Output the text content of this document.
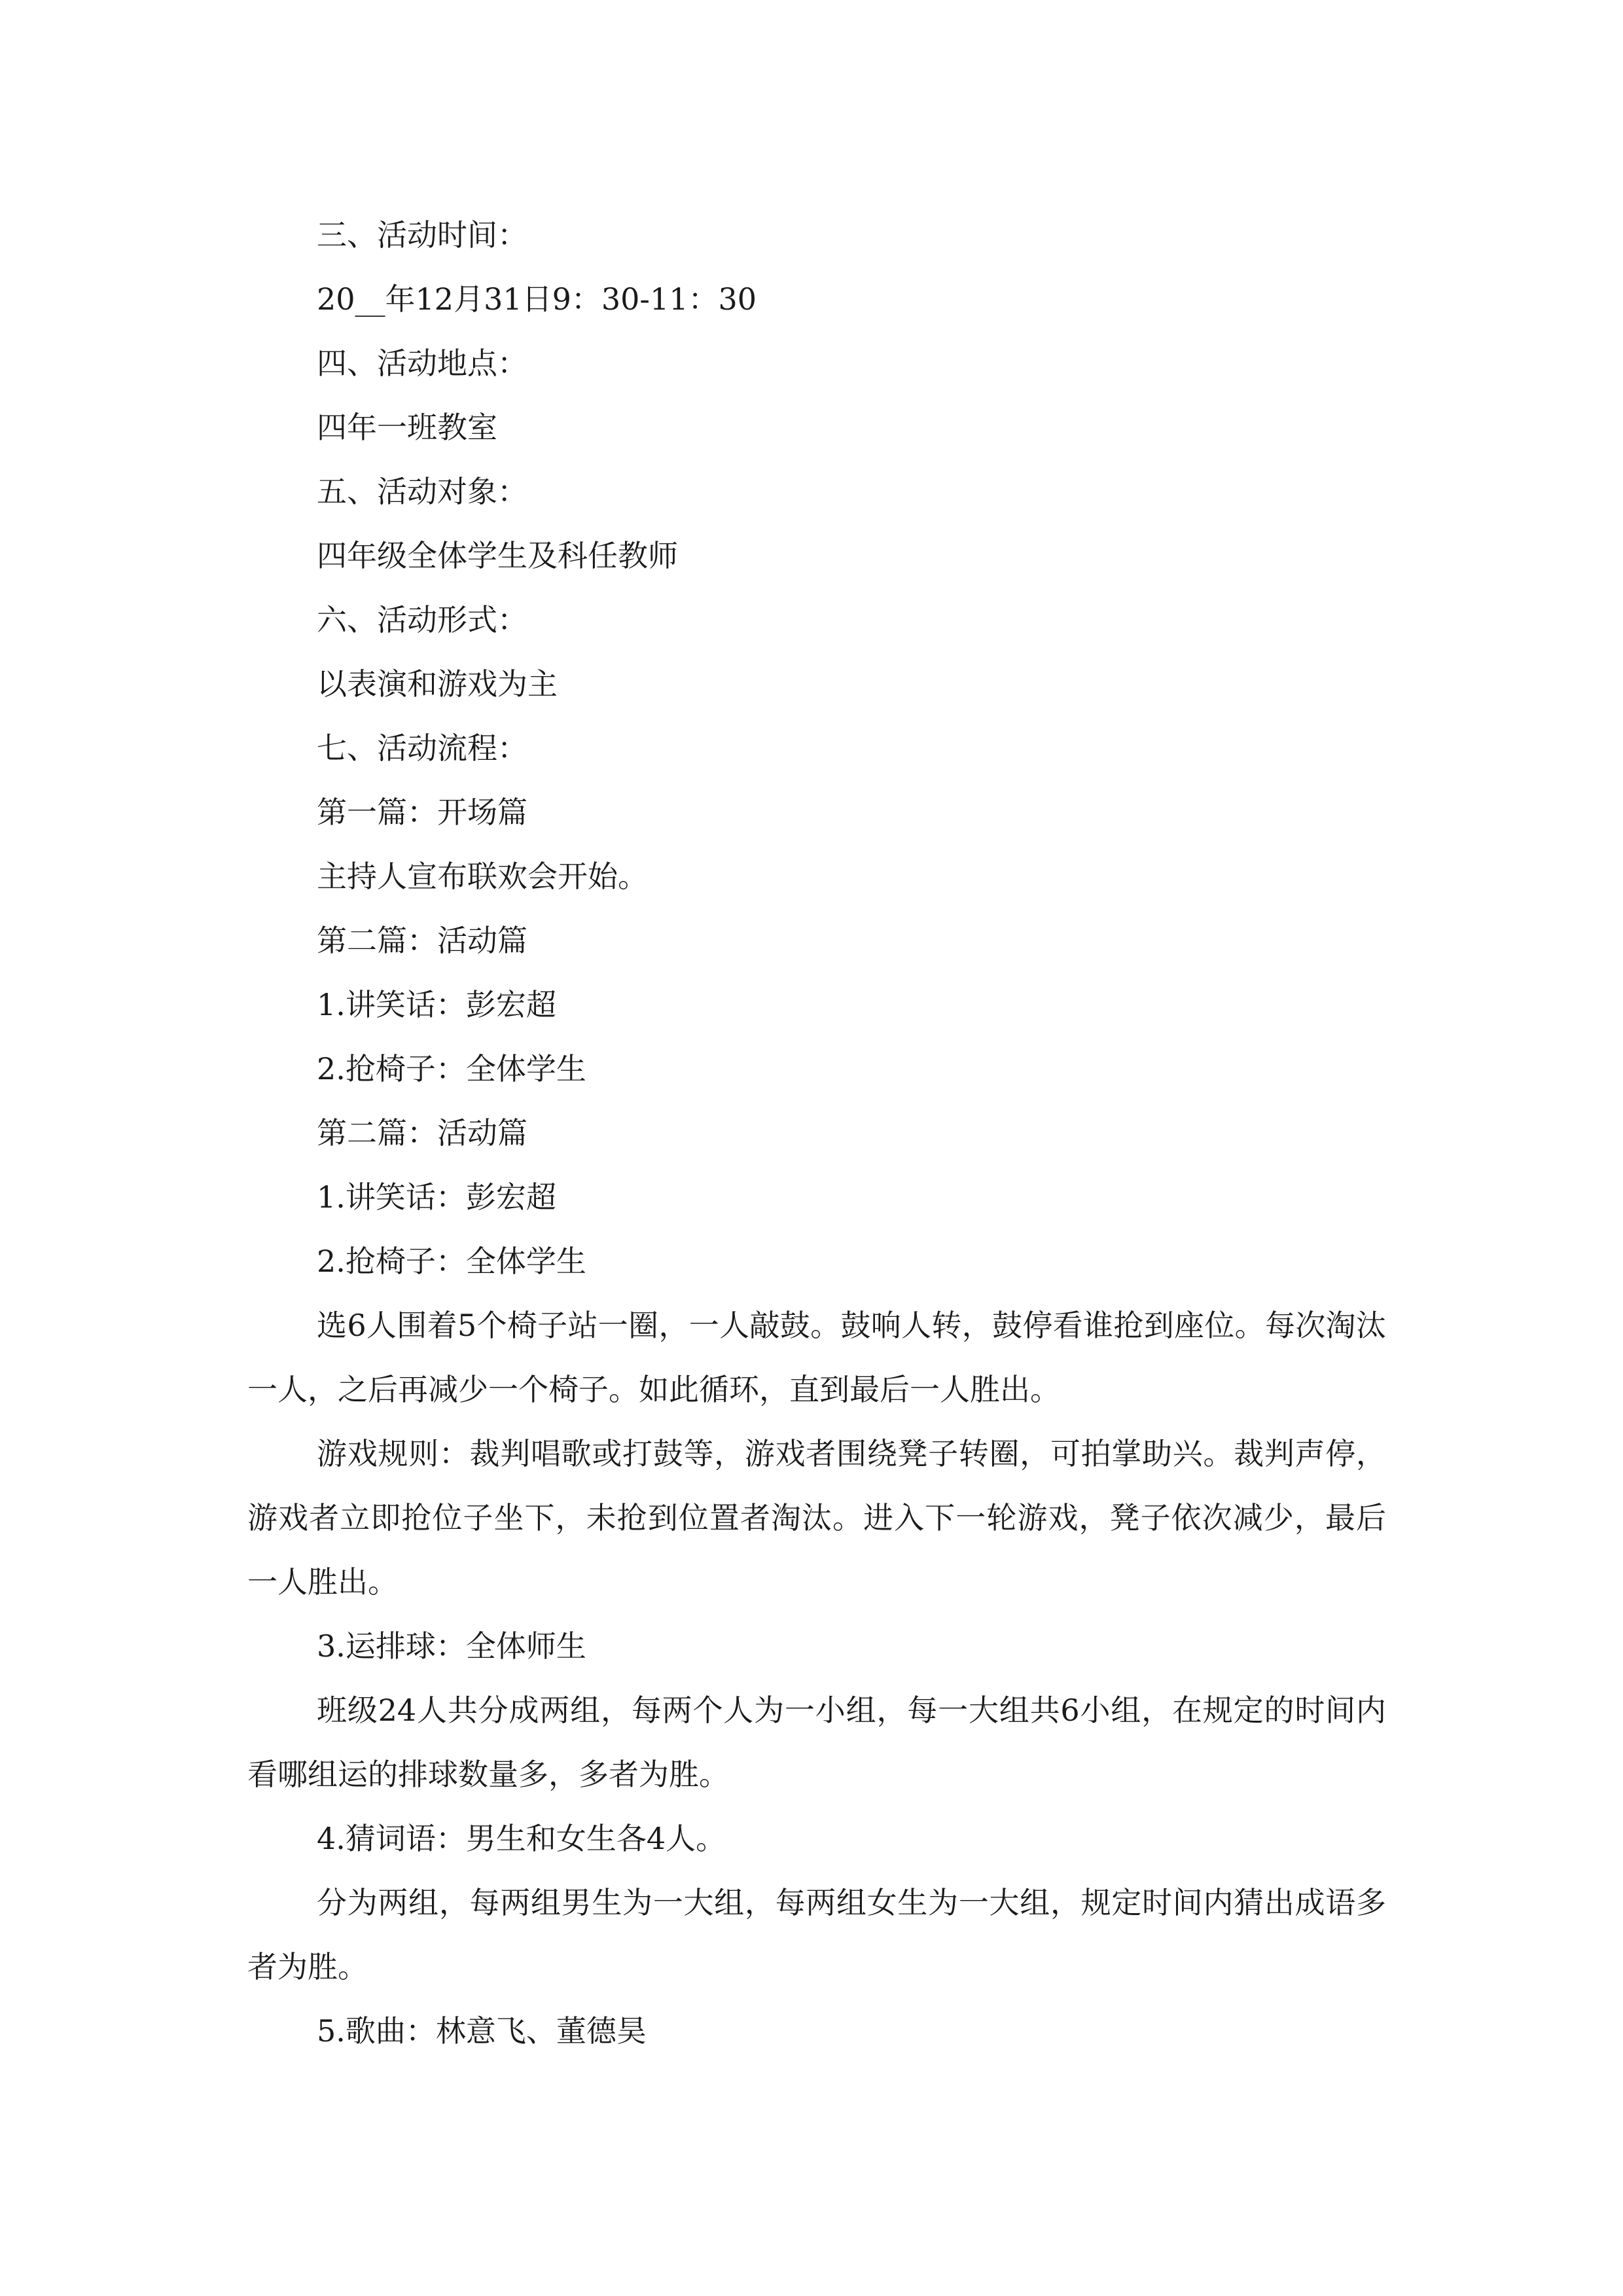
三、活动时间：

20__年12月31日9：30-11：30

四、活动地点：

四年一班教室

五、活动对象：

四年级全体学生及科任教师

六、活动形式：

以表演和游戏为主

七、活动流程：

第一篇：开场篇

主持人宣布联欢会开始。

第二篇：活动篇

1.讲笑话：彭宏超

2.抢椅子：全体学生

第二篇：活动篇

1.讲笑话：彭宏超

2.抢椅子：全体学生

选6人围着5个椅子站一圈，一人敲鼓。鼓响人转，鼓停看谁抢到座位。每次淘汰一人，之后再减少一个椅子。如此循环，直到最后一人胜出。

游戏规则：裁判唱歌或打鼓等，游戏者围绕凳子转圈，可拍掌助兴。裁判声停，游戏者立即抢位子坐下，未抢到位置者淘汰。进入下一轮游戏，凳子依次减少，最后一人胜出。

3.运排球：全体师生

班级24人共分成两组，每两个人为一小组，每一大组共6小组，在规定的时间内看哪组运的排球数量多，多者为胜。

4.猜词语：男生和女生各4人。

分为两组，每两组男生为一大组，每两组女生为一大组，规定时间内猜出成语多者为胜。

5.歌曲：林意飞、董德昊
